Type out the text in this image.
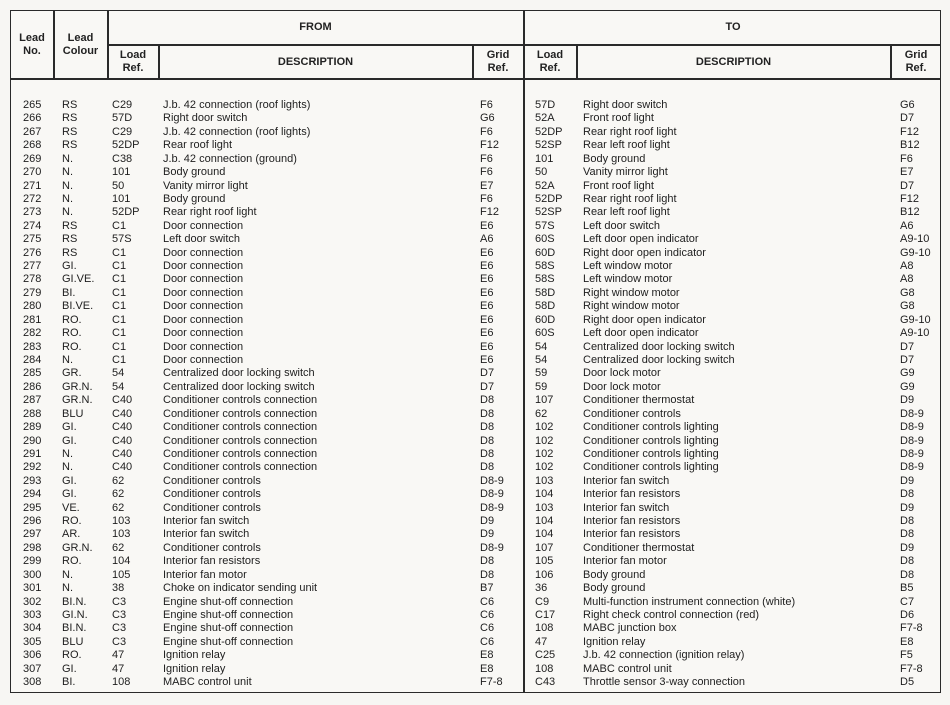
Lead
No.
Lead
Colour
FROM	TO
Load
Ref.	DESCRIPTION
Grid
Ref.
Load
Ref.	DESCRIPTION
Grid
Ref.
265 RS	C29	J.b. 42 connection (roof lights)	F6	57D	Right door switch	G6
266 RS	57D	Right door switch	G6	52A	Front roof light	D7
267 RS	C29	J.b. 42 connection (roof lights)	F6	52DP Rear right roof light	F12
268 RS	52DP Rear roof light	F12	52SP Rear left roof light	B12
269 N.	C38	J.b. 42 connection (ground)	F6	101	Body ground	F6
270 N.	101	Body ground	F6	50	Vanity mirror light	E7
271 N.	50	Vanity mirror light	E7	52A	Front roof light	D7
272 N.	101	Body ground	F6	52DP Rear right roof light	F12
273 N.	52DP Rear right roof light	F12	52SP Rear left roof light	B12
274 RS	C1	Door connection	E6	57S	Left door switch	A6
275 RS	57S	Left door switch	A6	60S	Left door open indicator	A9-10
276 RS	C1	Door connection	E6	60D	Right door open indicator	G9-10
277 GI.	C1	Door connection	E6	58S	Left window motor	A8
278 GI.VE. C1	Door connection	E6	58S	Left window motor	A8
279 BI.	C1	Door connection	E6	58D	Right window motor	G8
280 BI.VE. C1	Door connection	E6	58D	Right window motor	G8
281 RO.	C1	Door connection	E6	60D	Right door open indicator	G9-10
282 RO.	C1	Door connection	E6	60S	Left door open indicator	A9-10
283 RO.	C1	Door connection	E6	54	Centralized door locking switch	D7
284 N.	C1	Door connection	E6	54	Centralized door locking switch	D7
285 GR.	54	Centralized door locking switch	D7	59	Door lock motor	G9
286 GR.N. 54	Centralized door locking switch	D7	59	Door lock motor	G9
287 GR.N. C40	Conditioner controls connection	D8	107	Conditioner thermostat	D9
288 BLU	C40	Conditioner controls connection	D8	62	Conditioner controls	D8-9
289 GI.	C40	Conditioner controls connection	D8	102	Conditioner controls lighting	D8-9
290 GI.	C40	Conditioner controls connection	D8	102	Conditioner controls lighting	D8-9
291 N.	C40	Conditioner controls connection	D8	102	Conditioner controls lighting	D8-9
292 N.	C40	Conditioner controls connection	D8	102	Conditioner controls lighting	D8-9
293 GI.	62	Conditioner controls	D8-9	103	Interior fan switch	D9
294 GI.	62	Conditioner controls	D8-9	104	Interior fan resistors	D8
295 VE.	62	Conditioner controls	D8-9	103	Interior fan switch	D9
296 RO.	103	Interior fan switch	D9	104	Interior fan resistors	D8
297 AR.	103	Interior fan switch	D9	104	Interior fan resistors	D8
298 GR.N. 62	Conditioner controls	D8-9	107	Conditioner thermostat	D9
299 RO.	104	Interior fan resistors	D8	105	Interior fan motor	D8
300 N.	105	Interior fan motor	D8	106	Body ground	D8
301 N.	38	Choke on indicator sending unit	B7	36	Body ground	B5
302 BI.N. C3	Engine shut-off connection	C6	C9	Multi-function instrument connection (white)	C7
303 GI.N. C3	Engine shut-off connection	C6	C17	Right check control connection (red)	D6
304 BI.N. C3	Engine shut-off connection	C6	108	MABC junction box	F7-8
305 BLU	C3	Engine shut-off connection	C6	47	Ignition relay	E8
306 RO.	47	Ignition relay	E8	C25	J.b. 42 connection (ignition relay)	F5
307 GI.	47	Ignition relay	E8	108	MABC control unit	F7-8
308 BI.	108	MABC control unit	F7-8	C43	Throttle sensor 3-way connection	D5
